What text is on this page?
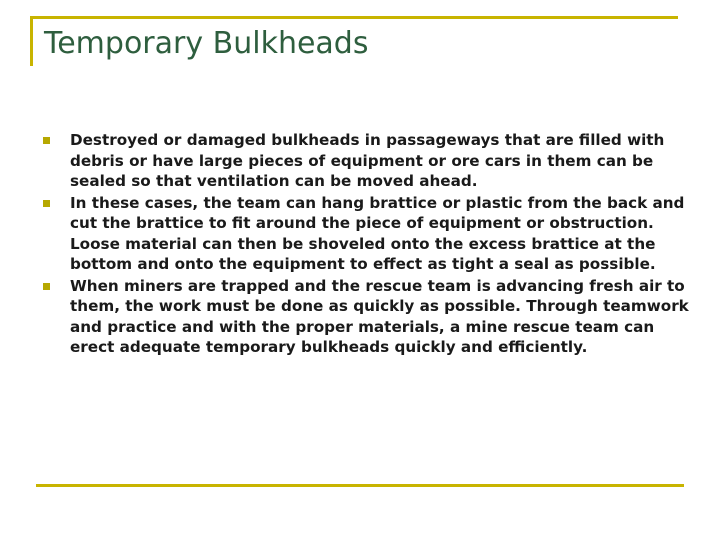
Temporary Bulkheads
Destroyed or damaged bulkheads in passageways that are filled with debris or have large pieces of equipment or ore cars in them can be sealed so that ventilation can be moved ahead.
In these cases, the team can hang brattice or plastic from the back and cut the brattice to fit around the piece of equipment or obstruction. Loose material can then be shoveled onto the excess brattice at the bottom and onto the equipment to effect as tight a seal as possible.
When miners are trapped and the rescue team is advancing fresh air to them, the work must be done as quickly as possible. Through teamwork and practice and with the proper materials, a mine rescue team can erect adequate temporary bulkheads quickly and efficiently.
